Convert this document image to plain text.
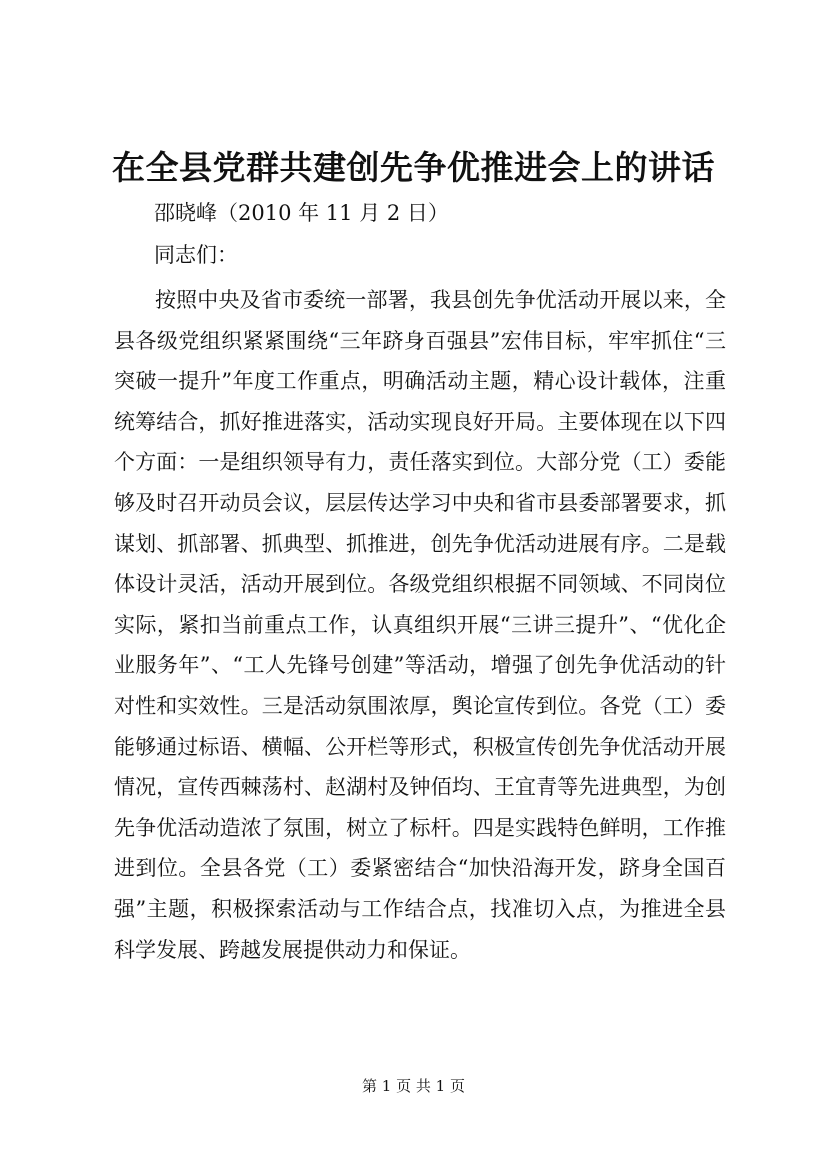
在全县党群共建创先争优推进会上的讲话
邵晓峰（2010 年 11 月 2 日）
同志们：

按照中央及省市委统一部署，我县创先争优活动开展以来，全县各级党组织紧紧围绕“三年跻身百强县”宏伟目标，牢牢抓住“三突破一提升”年度工作重点，明确活动主题，精心设计载体，注重统筹结合，抓好推进落实，活动实现良好开局。主要体现在以下四个方面：一是组织领导有力，责任落实到位。大部分党（工）委能够及时召开动员会议，层层传达学习中央和省市县委部署要求，抓谋划、抓部署、抓典型、抓推进，创先争优活动进展有序。二是载体设计灵活，活动开展到位。各级党组织根据不同领域、不同岗位实际，紧扣当前重点工作，认真组织开展“三讲三提升”、“优化企业服务年”、“工人先锋号创建”等活动，增强了创先争优活动的针对性和实效性。三是活动氛围浓厚，舆论宣传到位。各党（工）委能够通过标语、横幅、公开栏等形式，积极宣传创先争优活动开展情况，宣传西棘荡村、赵湖村及钟佰均、王宜青等先进典型，为创先争优活动造浓了氛围，树立了标杆。四是实践特色鲜明，工作推进到位。全县各党（工）委紧密结合“加快沿海开发，跻身全国百强”主题，积极探索活动与工作结合点，找准切入点，为推进全县科学发展、跨越发展提供动力和保证。

第 1 页 共 1 页
